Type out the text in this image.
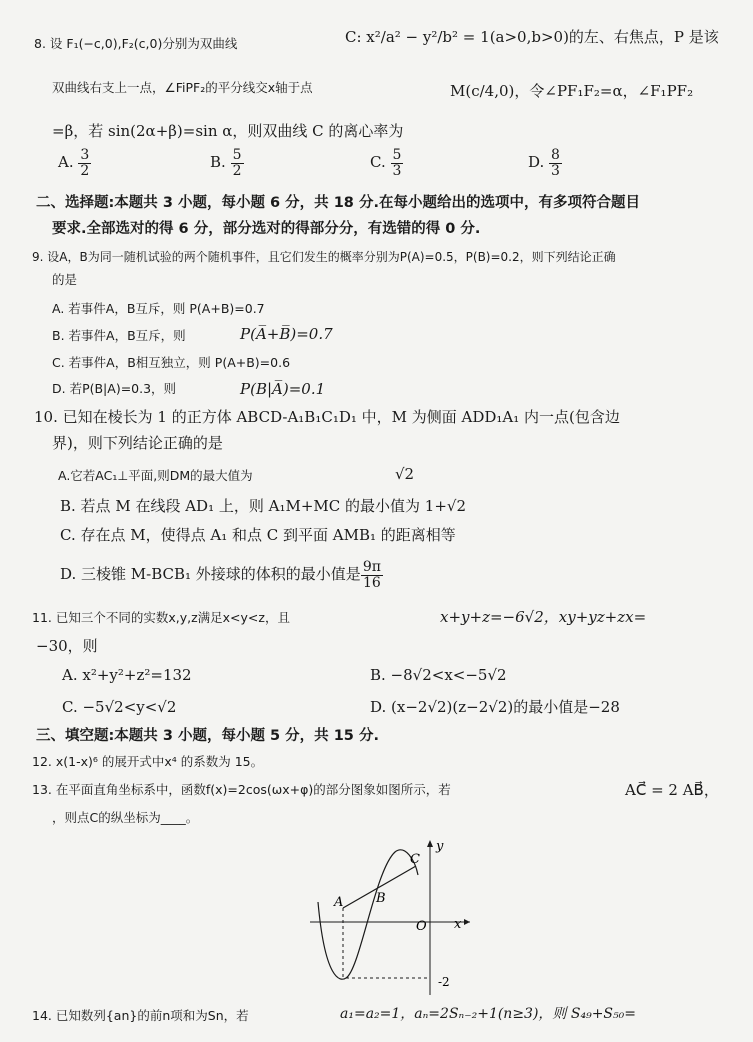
8. 设 F₁(−c,0),F₂(c,0)分别为双曲线	C: x²/a² − y²/b² = 1(a>0,b>0)的左、右焦点，P 是该
双曲线右支上一点，∠FiPF₂的平分线交x轴于点	M(c/4,0)，令∠PF₁F₂=α，∠F₁PF₂
=β，若 sin(2α+β)=sin α，则双曲线 C 的离心率为
A. $\frac{3}{2}$	B. $\frac{5}{2}$	C. $\frac{5}{3}$	D. $\frac{8}{3}$
二、选择题:本题共 3 小题，每小题 6 分，共 18 分.在每小题给出的选项中，有多项符合题目
要求.全部选对的得 6 分，部分选对的得部分分，有选错的得 0 分.
9. 设A，B为同一随机试验的两个随机事件，且它们发生的概率分别为P(A)=0.5，P(B)=0.2，则下列结论正确
的是
A. 若事件A，B互斥，则 P(A+B)=0.7
B. 若事件A，B互斥，则	P(A̅+B̅)=0.7
C. 若事件A，B相互独立，则 P(A+B)=0.6
D. 若P(B|A)=0.3，则	P(B|A̅)=0.1
10. 已知在棱长为 1 的正方体 ABCD-A₁B₁C₁D₁ 中，M 为侧面 ADD₁A₁ 内一点(包含边
界)，则下列结论正确的是
A.它若AC₁⊥平面,则DM的最大值为	√2
B. 若点 M 在线段 AD₁ 上，则 A₁M+MC 的最小值为 1+√2
C. 存在点 M，使得点 A₁ 和点 C 到平面 AMB₁ 的距离相等
D. 三棱锥 M-BCB₁ 外接球的体积的最小值是 $\frac{9\pi}{16}$
11. 已知三个不同的实数x,y,z满足x<y<z，且	x+y+z=−6√2，xy+yz+zx=
−30，则
A. x²+y²+z²=132	B. −8√2<x<−5√2
C. −5√2<y<√2	D. (x−2√2)(z−2√2)的最小值是−28
三、填空题:本题共 3 小题，每小题 5 分，共 15 分.
12. x(1-x)⁶ 的展开式中x⁴ 的系数为 15。
13. 在平面直角坐标系中，函数f(x)=2cos(ωx+φ)的部分图象如图所示，若	AC⃗ = 2 AB⃗，
，则点C的纵坐标为____。
x
y
O
A	B
C
-2
14. 已知数列{an}的前n项和为Sn，若	a₁=a₂=1，aₙ=2Sₙ₋₂+1(n≥3)，则 S₄₉+S₅₀=
